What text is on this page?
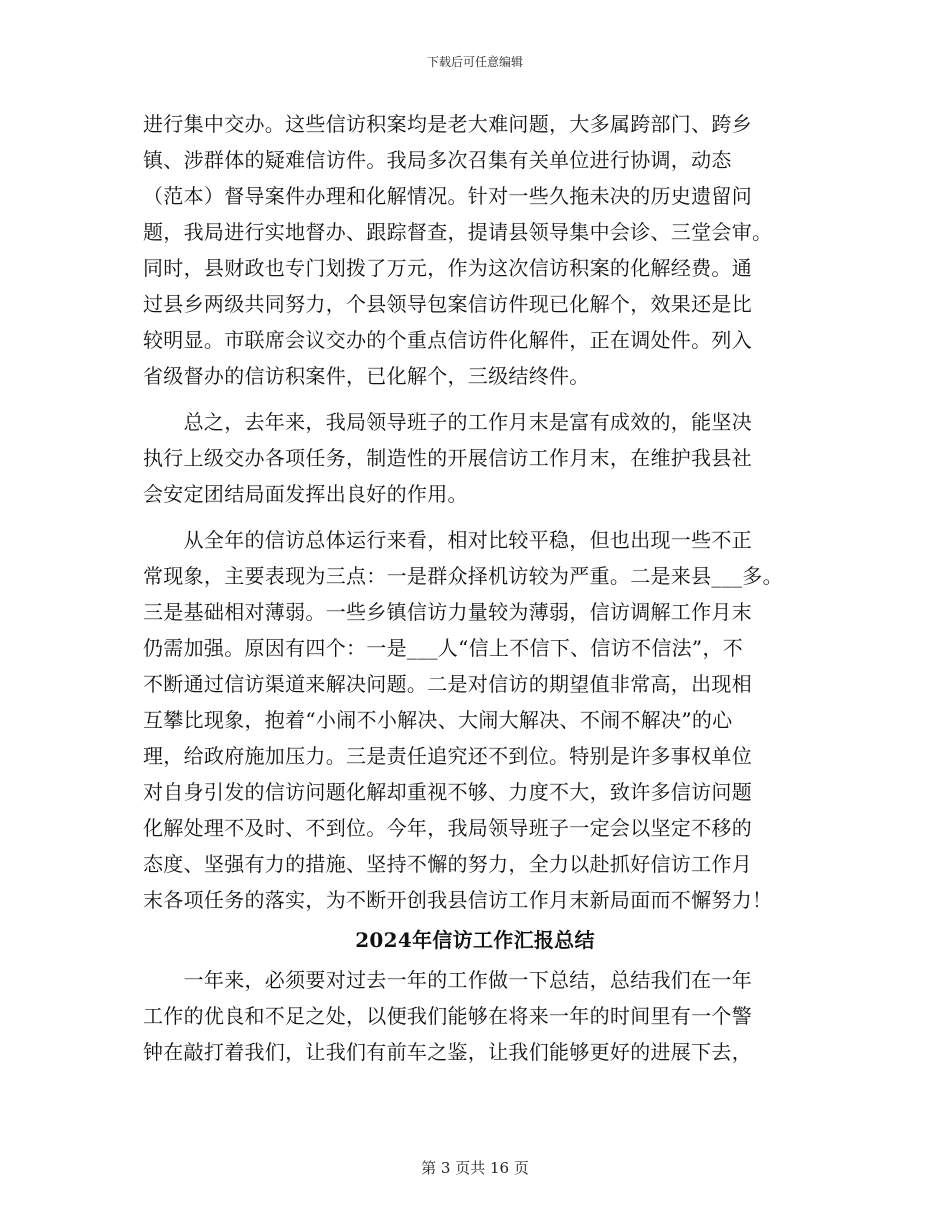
下载后可任意编辑
进行集中交办。这些信访积案均是老大难问题，大多属跨部门、跨乡
镇、涉群体的疑难信访件。我局多次召集有关单位进行协调，动态
（范本）督导案件办理和化解情况。针对一些久拖未决的历史遗留问
题，我局进行实地督办、跟踪督查，提请县领导集中会诊、三堂会审。
同时，县财政也专门划拨了万元，作为这次信访积案的化解经费。通
过县乡两级共同努力，个县领导包案信访件现已化解个，效果还是比
较明显。市联席会议交办的个重点信访件化解件，正在调处件。列入
省级督办的信访积案件，已化解个，三级结终件。
　　总之，去年来，我局领导班子的工作月末是富有成效的，能坚决
执行上级交办各项任务，制造性的开展信访工作月末，在维护我县社
会安定团结局面发挥出良好的作用。
　　从全年的信访总体运行来看，相对比较平稳，但也出现一些不正
常现象，主要表现为三点：一是群众择机访较为严重。二是来县___多。
三是基础相对薄弱。一些乡镇信访力量较为薄弱，信访调解工作月末
仍需加强。原因有四个：一是___人“信上不信下、信访不信法”，不
不断通过信访渠道来解决问题。二是对信访的期望值非常高，出现相
互攀比现象，抱着“小闹不小解决、大闹大解决、不闹不解决”的心
理，给政府施加压力。三是责任追究还不到位。特别是许多事权单位
对自身引发的信访问题化解却重视不够、力度不大，致许多信访问题
化解处理不及时、不到位。今年，我局领导班子一定会以坚定不移的
态度、坚强有力的措施、坚持不懈的努力，全力以赴抓好信访工作月
末各项任务的落实，为不断开创我县信访工作月末新局面而不懈努力！
2024年信访工作汇报总结
　　一年来，必须要对过去一年的工作做一下总结，总结我们在一年
工作的优良和不足之处，以便我们能够在将来一年的时间里有一个警
钟在敲打着我们，让我们有前车之鉴，让我们能够更好的进展下去，
第 3 页共 16 页
